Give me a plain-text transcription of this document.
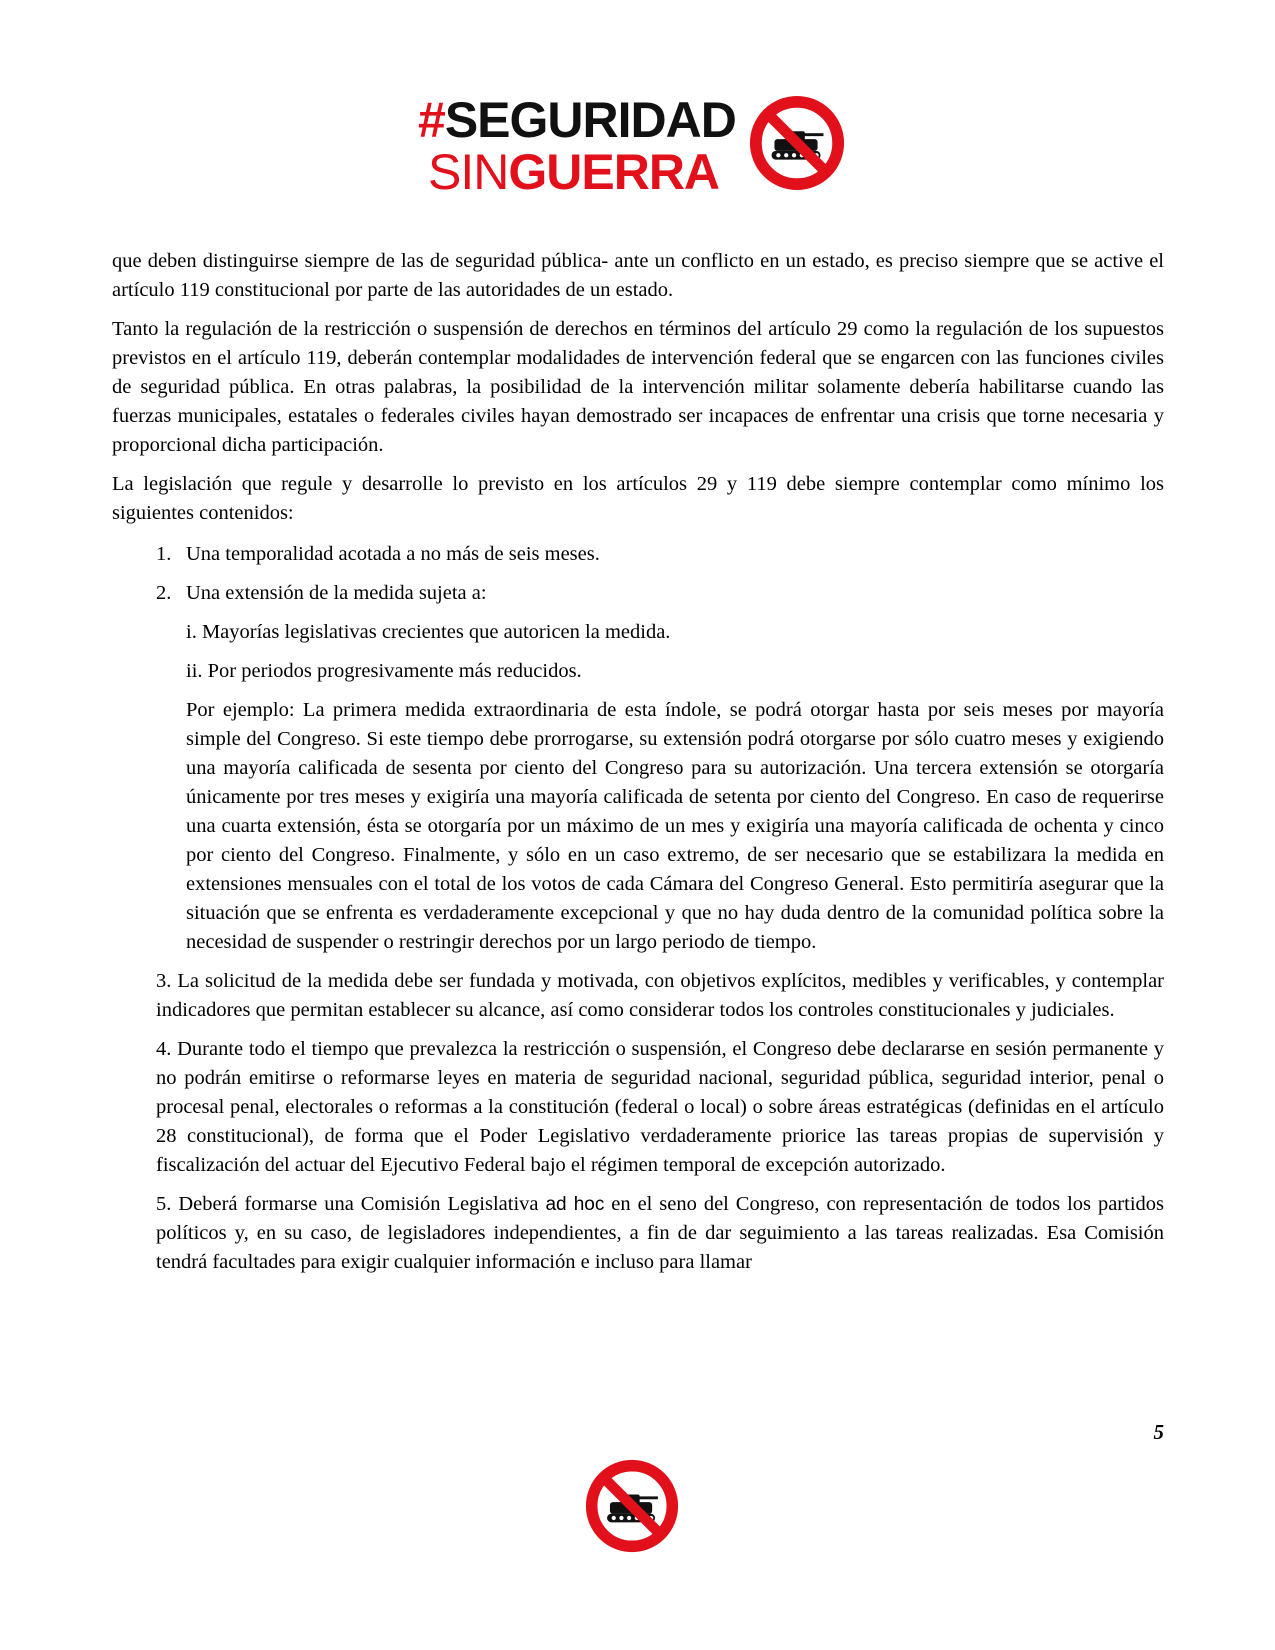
#SEGURIDAD
SINGUERRA

que deben distinguirse siempre de las de seguridad pública- ante un conflicto en un estado, es preciso siempre que se active el artículo 119 constitucional por parte de las autoridades de un estado.

Tanto la regulación de la restricción o suspensión de derechos en términos del artículo 29 como la regulación de los supuestos previstos en el artículo 119, deberán contemplar modalidades de intervención federal que se engarcen con las funciones civiles de seguridad pública. En otras palabras, la posibilidad de la intervención militar solamente debería habilitarse cuando las fuerzas municipales, estatales o federales civiles hayan demostrado ser incapaces de enfrentar una crisis que torne necesaria y proporcional dicha participación.

La legislación que regule y desarrolle lo previsto en los artículos 29 y 119 debe siempre contemplar como mínimo los siguientes contenidos:

1. Una temporalidad acotada a no más de seis meses.
2. Una extensión de la medida sujeta a:
i. Mayorías legislativas crecientes que autoricen la medida.
ii. Por periodos progresivamente más reducidos.
Por ejemplo: La primera medida extraordinaria de esta índole, se podrá otorgar hasta por seis meses por mayoría simple del Congreso. Si este tiempo debe prorrogarse, su extensión podrá otorgarse por sólo cuatro meses y exigiendo una mayoría calificada de sesenta por ciento del Congreso para su autorización. Una tercera extensión se otorgaría únicamente por tres meses y exigiría una mayoría calificada de setenta por ciento del Congreso. En caso de requerirse una cuarta extensión, ésta se otorgaría por un máximo de un mes y exigiría una mayoría calificada de ochenta y cinco por ciento del Congreso. Finalmente, y sólo en un caso extremo, de ser necesario que se estabilizara la medida en extensiones mensuales con el total de los votos de cada Cámara del Congreso General. Esto permitiría asegurar que la situación que se enfrenta es verdaderamente excepcional y que no hay duda dentro de la comunidad política sobre la necesidad de suspender o restringir derechos por un largo periodo de tiempo.
3. La solicitud de la medida debe ser fundada y motivada, con objetivos explícitos, medibles y verificables, y contemplar indicadores que permitan establecer su alcance, así como considerar todos los controles constitucionales y judiciales.
4. Durante todo el tiempo que prevalezca la restricción o suspensión, el Congreso debe declararse en sesión permanente y no podrán emitirse o reformarse leyes en materia de seguridad nacional, seguridad pública, seguridad interior, penal o procesal penal, electorales o reformas a la constitución (federal o local) o sobre áreas estratégicas (definidas en el artículo 28 constitucional), de forma que el Poder Legislativo verdaderamente priorice las tareas propias de supervisión y fiscalización del actuar del Ejecutivo Federal bajo el régimen temporal de excepción autorizado.
5. Deberá formarse una Comisión Legislativa ad hoc en el seno del Congreso, con representación de todos los partidos políticos y, en su caso, de legisladores independientes, a fin de dar seguimiento a las tareas realizadas. Esa Comisión tendrá facultades para exigir cualquier información e incluso para llamar
5
